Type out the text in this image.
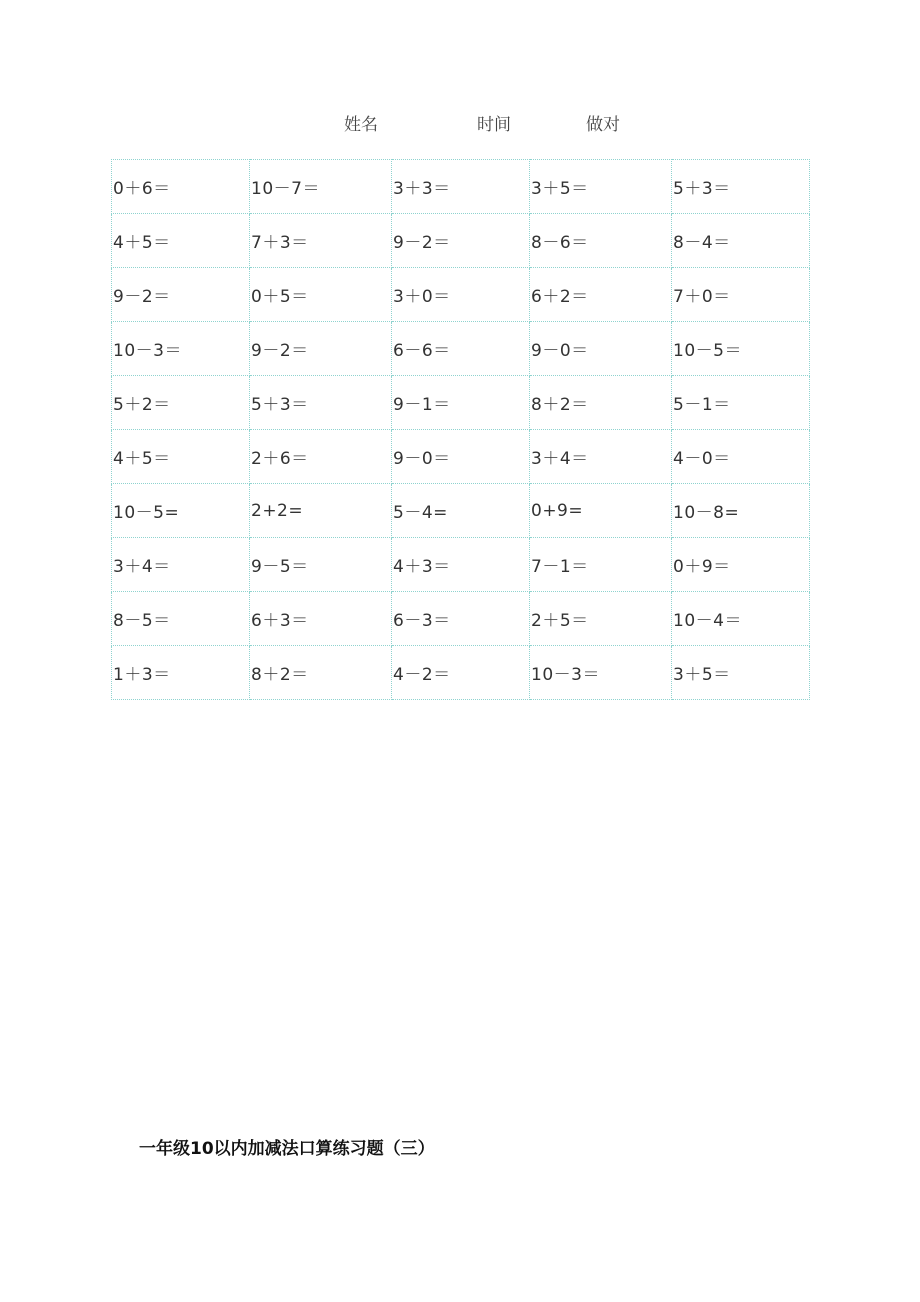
姓名	时间	做对
0＋6＝	10－7＝	3＋3＝	3＋5＝	5＋3＝
4＋5＝	7＋3＝	9－2＝	8－6＝	8－4＝
9－2＝	0＋5＝	3＋0＝	6＋2＝	7＋0＝
10－3＝	9－2＝	6－6＝	9－0＝	10－5＝
5＋2＝	5＋3＝	9－1＝	8＋2＝	5－1＝
4＋5＝	2＋6＝	9－0＝	3＋4＝	4－0＝
10－5=	2+2=	5－4=	0+9=	10－8=
3＋4＝	9－5＝	4＋3＝	7－1＝	0＋9＝
8－5＝	6＋3＝	6－3＝	2＋5＝	10－4＝
1＋3＝	8＋2＝	4－2＝	10－3＝	3＋5＝
一年级10以内加减法口算练习题（三）
